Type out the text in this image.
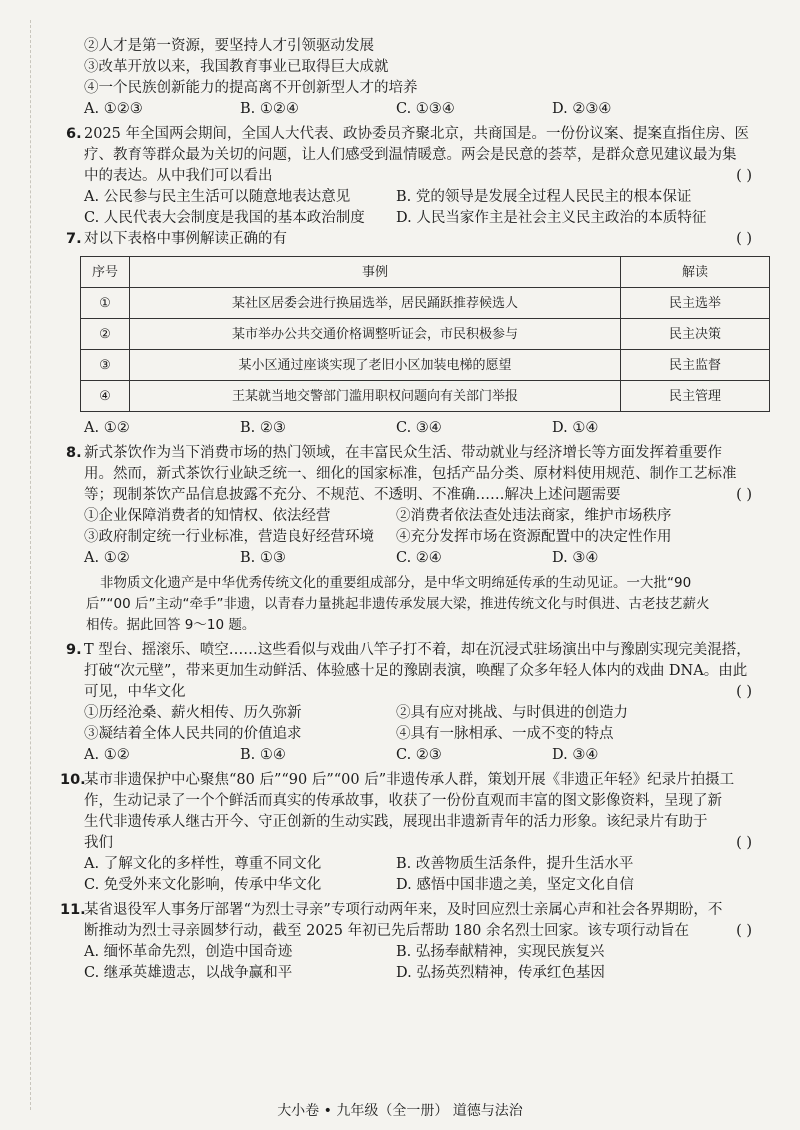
②人才是第一资源，要坚持人才引领驱动发展
③改革开放以来，我国教育事业已取得巨大成就
④一个民族创新能力的提高离不开创新型人才的培养
A. ①②③	B. ①②④	C. ①③④	D. ②③④
6. 2025 年全国两会期间，全国人大代表、政协委员齐聚北京，共商国是。一份份议案、提案直指住房、医
疗、教育等群众最为关切的问题，让人们感受到温情暖意。两会是民意的荟萃，是群众意见建议最为集
中的表达。从中我们可以看出	( )
A. 公民参与民主生活可以随意地表达意见	B. 党的领导是发展全过程人民民主的根本保证
C. 人民代表大会制度是我国的基本政治制度	D. 人民当家作主是社会主义民主政治的本质特征
7. 对以下表格中事例解读正确的有	( )
序号	事例	解读
①	某社区居委会进行换届选举，居民踊跃推荐候选人	民主选举
②	某市举办公共交通价格调整听证会，市民积极参与	民主决策
③	某小区通过座谈实现了老旧小区加装电梯的愿望	民主监督
④	王某就当地交警部门滥用职权问题向有关部门举报	民主管理
A. ①②	B. ②③	C. ③④	D. ①④
8. 新式茶饮作为当下消费市场的热门领域，在丰富民众生活、带动就业与经济增长等方面发挥着重要作
用。然而，新式茶饮行业缺乏统一、细化的国家标准，包括产品分类、原材料使用规范、制作工艺标准
等；现制茶饮产品信息披露不充分、不规范、不透明、不准确……解决上述问题需要	( )
①企业保障消费者的知情权、依法经营	②消费者依法查处违法商家，维护市场秩序
③政府制定统一行业标准，营造良好经营环境	④充分发挥市场在资源配置中的决定性作用
A. ①②	B. ①③	C. ②④	D. ③④
非物质文化遗产是中华优秀传统文化的重要组成部分，是中华文明绵延传承的生动见证。一大批“90
后”“00 后”主动“牵手”非遗，以青春力量挑起非遗传承发展大梁，推进传统文化与时俱进、古老技艺薪火
相传。据此回答 9～10 题。
9. T 型台、摇滚乐、喷空……这些看似与戏曲八竿子打不着，却在沉浸式驻场演出中与豫剧实现完美混搭，
打破“次元壁”，带来更加生动鲜活、体验感十足的豫剧表演，唤醒了众多年轻人体内的戏曲 DNA。由此
可见，中华文化	( )
①历经沧桑、薪火相传、历久弥新	②具有应对挑战、与时俱进的创造力
③凝结着全体人民共同的价值追求	④具有一脉相承、一成不变的特点
A. ①②	B. ①④	C. ②③	D. ③④
10.某市非遗保护中心聚焦“80 后”“90 后”“00 后”非遗传承人群，策划开展《非遗正年轻》纪录片拍摄工
作，生动记录了一个个鲜活而真实的传承故事，收获了一份份直观而丰富的图文影像资料，呈现了新
生代非遗传承人继古开今、守正创新的生动实践，展现出非遗新青年的活力形象。该纪录片有助于
我们	( )
A. 了解文化的多样性，尊重不同文化	B. 改善物质生活条件，提升生活水平
C. 免受外来文化影响，传承中华文化	D. 感悟中国非遗之美，坚定文化自信
11.某省退役军人事务厅部署“为烈士寻亲”专项行动两年来，及时回应烈士亲属心声和社会各界期盼，不
断推动为烈士寻亲圆梦行动，截至 2025 年初已先后帮助 180 余名烈士回家。该专项行动旨在	( )
A. 缅怀革命先烈，创造中国奇迹	B. 弘扬奉献精神，实现民族复兴
C. 继承英雄遗志，以战争赢和平	D. 弘扬英烈精神，传承红色基因
大小卷 • 九年级（全一册） 道德与法治
